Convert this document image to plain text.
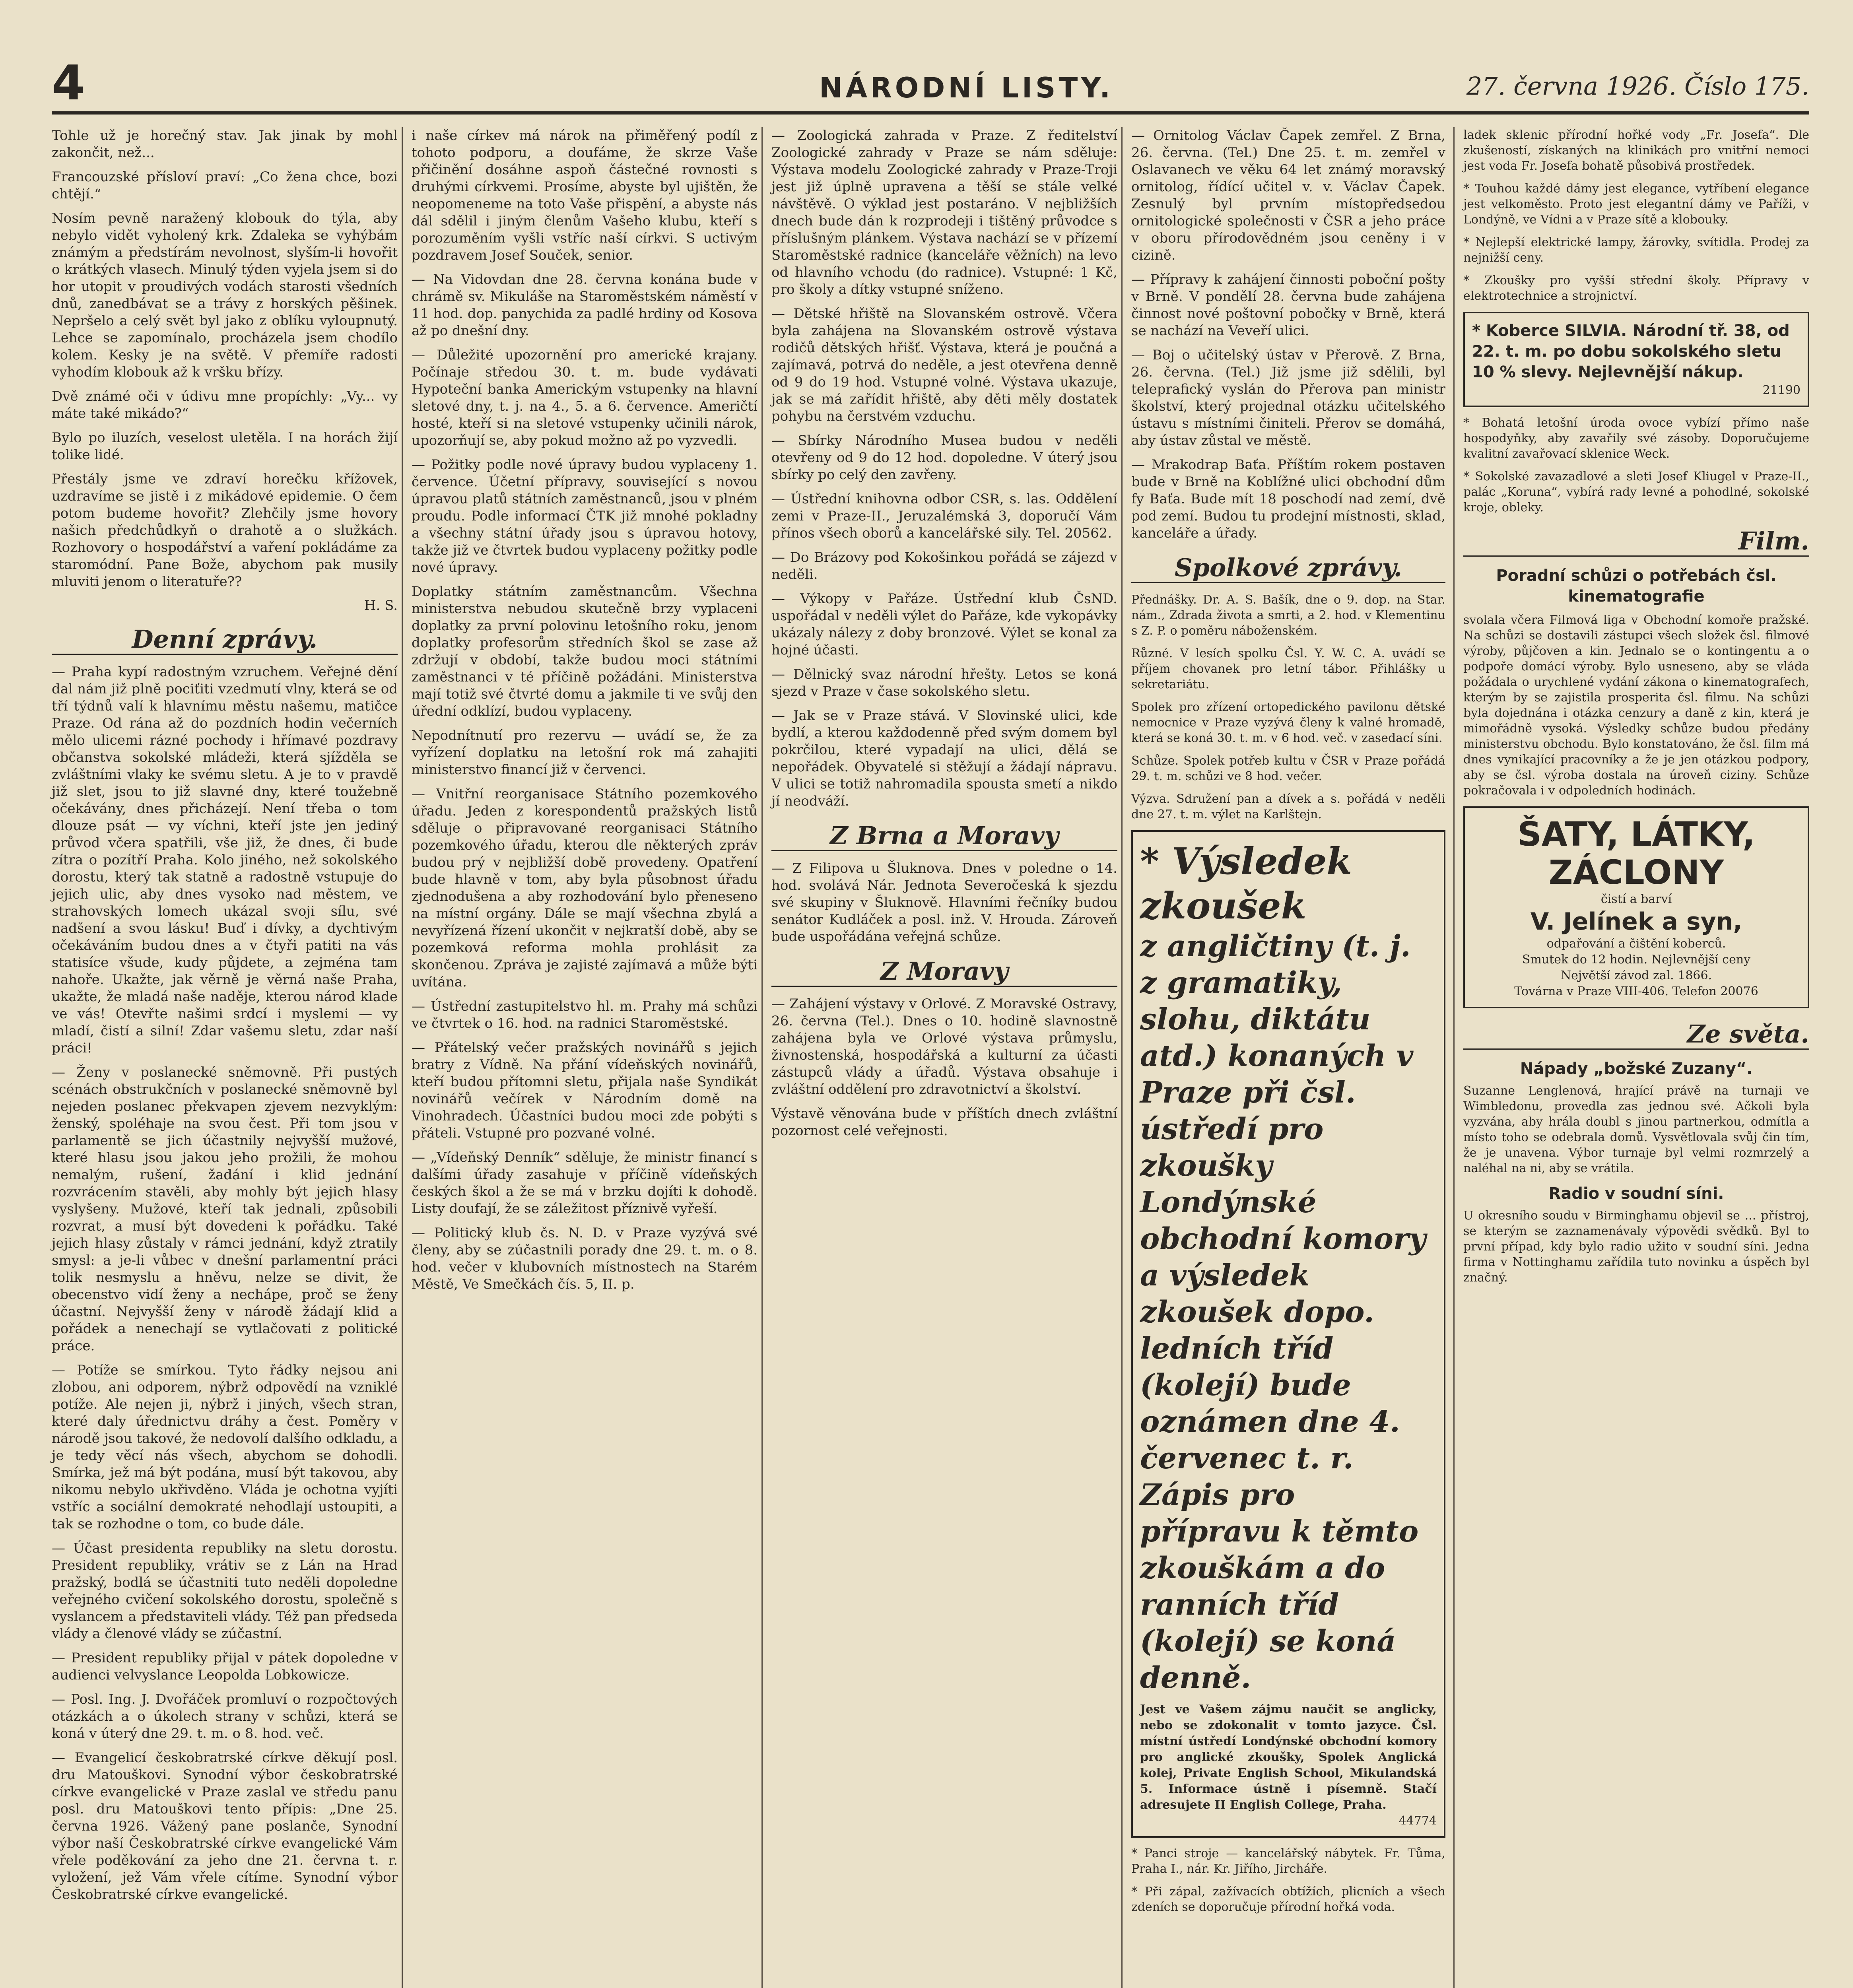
4	NÁRODNÍ LISTY.	27. června 1926. Číslo 175.

Tohle už je horečný stav. Jak jinak by mohl zakončit, než...

Francouzské přísloví praví: „Co žena chce, bozi chtějí.“

Nosím pevně naražený klobouk do týla, aby nebylo vidět vyholený krk. Zdaleka se vyhýbám známým a předstírám nevolnost, slyším-li hovořit o krátkých vlasech. Minulý týden vyjela jsem si do hor utopit v proudivých vodách starosti všedních dnů, zanedbávat se a trávy z horských pěšinek. Nepršelo a celý svět byl jako z oblíku vyloupnutý. Lehce se zapomínalo, procházela jsem chodílo kolem. Kesky je na světě. V přemíře radosti vyhodím klobouk až k vršku břízy.

Dvě známé oči v údivu mne propíchly: „Vy... vy máte také mikádo?“

Bylo po iluzích, veselost uletěla. I na horách žijí tolike lidé.

Přestály jsme ve zdraví horečku křížovek, uzdravíme se jistě i z mikádové epidemie. O čem potom budeme hovořit? Zlehčily jsme hovory našich předchůdkyň o drahotě a o služkách. Rozhovory o hospodářství a vaření pokládáme za staromódní. Pane Bože, abychom pak musily mluviti jenom o literatuře??

H. S.
Denní zprávy.

— Praha kypí radostným vzruchem. Veřejné dění dal nám již plně pociťiti vzedmutí vlny, která se od tří týdnů valí k hlavnímu městu našemu, matičce Praze. Od rána až do pozdních hodin večerních mělo ulicemi rázné pochody i hřímavé pozdravy občanstva sokolské mládeži, která sjížděla se zvláštními vlaky ke svému sletu. A je to v pravdě již slet, jsou to již slavné dny, které toužebně očekávány, dnes přicházejí. Není třeba o tom dlouze psát — vy víchni, kteří jste jen jediný průvod včera spatřili, vše již, že dnes, či bude zítra o pozítří Praha. Kolo jiného, než sokolského dorostu, který tak statně a radostně vstupuje do jejich ulic, aby dnes vysoko nad městem, ve strahovských lomech ukázal svoji sílu, své nadšení a svou lásku! Buď i dívky, a dychtivým očekáváním budou dnes a v čtyři patiti na vás statisíce všude, kudy půjdete, a zejména tam nahoře. Ukažte, jak věrně je věrná naše Praha, ukažte, že mladá naše naděje, kterou národ klade ve vás! Otevřte našimi srdcí i myslemi — vy mladí, čistí a silní! Zdar vašemu sletu, zdar naší práci!

— Ženy v poslanecké sněmovně. Při pustých scénách obstrukčních v poslanecké sněmovně byl nejeden poslanec překvapen zjevem nezvyklým: ženský, spoléhaje na svou čest. Při tom jsou v parlamentě se jich účastnily nejvyšší mužové, které hlasu jsou jakou jeho prožili, že mohou nemalým, rušení, žadání i klid jednání rozvrácením stavěli, aby mohly být jejich hlasy vyslyšeny. Mužové, kteří tak jednali, způsobili rozvrat, a musí být dovedeni k pořádku. Také jejich hlasy zůstaly v rámci jednání, když ztratily smysl: a je-li vůbec v dnešní parlamentní práci tolik nesmyslu a hněvu, nelze se divit, že obecenstvo vidí ženy a nechápe, proč se ženy účastní. Nejvyšší ženy v národě žádají klid a pořádek a nenechají se vytlačovati z politické práce.

— Potíže se smírkou. Tyto řádky nejsou ani zlobou, ani odporem, nýbrž odpovědí na vzniklé potíže. Ale nejen ji, nýbrž i jiných, všech stran, které daly úřednictvu dráhy a čest. Poměry v národě jsou takové, že nedovolí dalšího odkladu, a je tedy věcí nás všech, abychom se dohodli. Smírka, jež má být podána, musí být takovou, aby nikomu nebylo ukřivděno. Vláda je ochotna vyjíti vstříc a sociální demokraté nehodlají ustoupiti, a tak se rozhodne o tom, co bude dále.

— Účast presidenta republiky na sletu dorostu. President republiky, vrátiv se z Lán na Hrad pražský, bodlá se účastniti tuto neděli dopoledne veřejného cvičení sokolského dorostu, společně s vyslancem a představiteli vlády. Též pan předseda vlády a členové vlády se zúčastní.

— President republiky přijal v pátek dopoledne v audienci velvyslance Leopolda Lobkowicze.

— Posl. Ing. J. Dvořáček promluví o rozpočtových otázkách a o úkolech strany v schůzi, která se koná v úterý dne 29. t. m. o 8. hod. več.

— Evangelicí českobratrské církve děkují posl. dru Matouškovi. Synodní výbor českobratrské církve evangelické v Praze zaslal ve středu panu posl. dru Matouškovi tento přípis: „Dne 25. června 1926. Vážený pane poslanče, Synodní výbor naší Českobratrské církve evangelické Vám vřele poděkování za jeho dne 21. června t. r. vyložení, jež Vám vřele cítíme. Synodní výbor Českobratrské církve evangelické.

i naše církev má nárok na přiměřený podíl z tohoto podporu, a doufáme, že skrze Vaše přičinění dosáhne aspoň částečné rovnosti s druhými církvemi. Prosíme, abyste byl ujištěn, že neopomeneme na toto Vaše přispění, a abyste nás dál sdělil i jiným členům Vašeho klubu, kteří s porozuměním vyšli vstříc naší církvi. S uctivým pozdravem Josef Souček, senior.

— Na Vidovdan dne 28. června konána bude v chrámě sv. Mikuláše na Staroměstském náměstí v 11 hod. dop. panychida za padlé hrdiny od Kosova až po dnešní dny.

— Důležité upozornění pro americké krajany. Počínaje středou 30. t. m. bude vydávati Hypoteční banka Americkým vstupenky na hlavní sletové dny, t. j. na 4., 5. a 6. července. Američtí hosté, kteří si na sletové vstupenky učinili nárok, upozorňují se, aby pokud možno až po vyzvedli.

— Požitky podle nové úpravy budou vyplaceny 1. července. Účetní přípravy, související s novou úpravou platů státních zaměstnanců, jsou v plném proudu. Podle informací ČTK již mnohé pokladny a všechny státní úřady jsou s úpravou hotovy, takže již ve čtvrtek budou vyplaceny požitky podle nové úpravy.

Doplatky státním zaměstnancům. Všechna ministerstva nebudou skutečně brzy vyplaceni doplatky za první polovinu letošního roku, jenom doplatky profesorům středních škol se zase až zdržují v období, takže budou moci státními zaměstnanci v té příčině požádáni. Ministerstva mají totiž své čtvrté domu a jakmile ti ve svůj den úřední odklízí, budou vyplaceny.

Nepodnítnutí pro rezervu — uvádí se, že za vyřízení doplatku na letošní rok má zahajiti ministerstvo financí již v červenci.

— Vnitřní reorganisace Státního pozemkového úřadu. Jeden z korespondentů pražských listů sděluje o připravované reorganisaci Státního pozemkového úřadu, kterou dle některých zpráv budou prý v nejbližší době provedeny. Opatření bude hlavně v tom, aby byla působnost úřadu zjednodušena a aby rozhodování bylo přeneseno na místní orgány. Dále se mají všechna zbylá a nevyřízená řízení ukončit v nejkratší době, aby se pozemková reforma mohla prohlásit za skončenou. Zpráva je zajisté zajímavá a může býti uvítána.

— Ústřední zastupitelstvo hl. m. Prahy má schůzi ve čtvrtek o 16. hod. na radnici Staroměstské.

— Přátelský večer pražských novinářů s jejich bratry z Vídně. Na přání vídeňských novinářů, kteří budou přítomni sletu, přijala naše Syndikát novinářů večírek v Národním domě na Vinohradech. Účastníci budou moci zde pobýti s přáteli. Vstupné pro pozvané volné.

— „Vídeňský Denník“ sděluje, že ministr financí s dalšími úřady zasahuje v příčině vídeňských českých škol a že se má v brzku dojíti k dohodě. Listy doufají, že se záležitost příznivě vyřeší.

— Politický klub čs. N. D. v Praze vyzývá své členy, aby se zúčastnili porady dne 29. t. m. o 8. hod. večer v klubovních místnostech na Starém Městě, Ve Smečkách čís. 5, II. p.

— Zoologická zahrada v Praze. Z ředitelství Zoologické zahrady v Praze se nám sděluje: Výstava modelu Zoologické zahrady v Praze-Troji jest již úplně upravena a těší se stále velké návštěvě. O výklad jest postaráno. V nejbližších dnech bude dán k rozprodeji i tištěný průvodce s příslušným plánkem. Výstava nachází se v přízemí Staroměstské radnice (kanceláře věžních) na levo od hlavního vchodu (do radnice). Vstupné: 1 Kč, pro školy a dítky vstupné sníženo.

— Dětské hřiště na Slovanském ostrově. Včera byla zahájena na Slovanském ostrově výstava rodičů dětských hřišť. Výstava, která je poučná a zajímavá, potrvá do neděle, a jest otevřena denně od 9 do 19 hod. Vstupné volné. Výstava ukazuje, jak se má zařídit hřiště, aby děti měly dostatek pohybu na čerstvém vzduchu.

— Sbírky Národního Musea budou v neděli otevřeny od 9 do 12 hod. dopoledne. V úterý jsou sbírky po celý den zavřeny.

— Ústřední knihovna odbor CSR, s. las. Oddělení zemi v Praze-II., Jeruzalémská 3, doporučí Vám přínos všech oborů a kancelářské sily. Tel. 20562.

— Do Brázovy pod Kokošinkou pořádá se zájezd v neděli.

— Výkopy v Pařáze. Ústřední klub ČsND. uspořádal v neděli výlet do Pařáze, kde vykopávky ukázaly nálezy z doby bronzové. Výlet se konal za hojné účasti.

— Dělnický svaz národní hřešty. Letos se koná sjezd v Praze v čase sokolského sletu.

— Jak se v Praze stává. V Slovinské ulici, kde bydlí, a kterou každodenně před svým domem byl pokrčilou, které vypadají na ulici, dělá se nepořádek. Obyvatelé si stěžují a žádají nápravu. V ulici se totiž nahromadila spousta smetí a nikdo jí neodváží.

Z Brna a Moravy

— Z Filipova u Šluknova. Dnes v poledne o 14. hod. svolává Nár. Jednota Severočeská k sjezdu své skupiny v Šluknově. Hlavními řečníky budou senátor Kudláček a posl. inž. V. Hrouda. Zároveň bude uspořádána veřejná schůze.

Z Moravy

— Zahájení výstavy v Orlové. Z Moravské Ostravy, 26. června (Tel.). Dnes o 10. hodině slavnostně zahájena byla ve Orlové výstava průmyslu, živnostenská, hospodářská a kulturní za účasti zástupců vlády a úřadů. Výstava obsahuje i zvláštní oddělení pro zdravotnictví a školství.

Výstavě věnována bude v příštích dnech zvláštní pozornost celé veřejnosti.

— Ornitolog Václav Čapek zemřel. Z Brna, 26. června. (Tel.) Dne 25. t. m. zemřel v Oslavanech ve věku 64 let známý moravský ornitolog, řídící učitel v. v. Václav Čapek. Zesnulý byl prvním místopředsedou ornitologické společnosti v ČSR a jeho práce v oboru přírodovědném jsou ceněny i v cizině.

— Přípravy k zahájení činnosti poboční pošty v Brně. V pondělí 28. června bude zahájena činnost nové poštovní pobočky v Brně, která se nachází na Veveří ulici.

— Boj o učitelský ústav v Přerově. Z Brna, 26. června. (Tel.) Již jsme již sdělili, byl teleprafický vyslán do Přerova pan ministr školství, který projednal otázku učitelského ústavu s místními činiteli. Přerov se domáhá, aby ústav zůstal ve městě.

— Mrakodrap Baťa. Příštím rokem postaven bude v Brně na Koblížné ulici obchodní dům fy Baťa. Bude mít 18 poschodí nad zemí, dvě pod zemí. Budou tu prodejní místnosti, sklad, kanceláře a úřady.

Spolkové zprávy.

Přednášky. Dr. A. S. Bašík, dne o 9. dop. na Star. nám., Zdrada života a smrti, a 2. hod. v Klementinu s Z. P. o poměru náboženském.

Různé. V lesích spolku Čsl. Y. W. C. A. uvádí se příjem chovanek pro letní tábor. Přihlášky u sekretariátu.

Spolek pro zřízení ortopedického pavilonu dětské nemocnice v Praze vyzývá členy k valné hromadě, která se koná 30. t. m. v 6 hod. več. v zasedací síni.

Schůze. Spolek potřeb kultu v ČSR v Praze pořádá 29. t. m. schůzi ve 8 hod. večer.

Výzva. Sdružení pan a dívek a s. pořádá v neděli dne 27. t. m. výlet na Karlštejn.

* Výsledek zkoušek
z angličtiny (t. j. z gramatiky, slohu, diktátu atd.) konaných v Praze při čsl. ústředí pro zkoušky Londýnské obchodní komory a výsledek zkoušek dopo. ledních tříd (kolejí) bude oznámen dne 4. červenec t. r.
Zápis pro přípravu k těmto zkouškám a do ranních tříd (kolejí) se koná denně.
Jest ve Vašem zájmu naučit se anglicky, nebo se zdokonalit v tomto jazyce. Čsl. místní ústředí Londýnské obchodní komory pro anglické zkoušky, Spolek Anglická kolej, Private English School, Mikulandská 5. Informace ústně i písemně. Stačí adresujete II English College, Praha.
44774

* Panci stroje — kancelářský nábytek. Fr. Tůma, Praha I., nár. Kr. Jiřího, Jircháře.

* Při zápal, zažívacích obtížích, plicních a všech zdeních se doporučuje přírodní hořká voda.

ladek sklenic přírodní hořké vody „Fr. Josefa“. Dle zkušeností, získaných na klinikách pro vnitřní nemoci jest voda Fr. Josefa bohatě působivá prostředek.

* Touhou každé dámy jest elegance, vytříbení elegance jest velkoměsto. Proto jest elegantní dámy ve Paříži, v Londýně, ve Vídni a v Praze sítě a klobouky.

* Nejlepší elektrické lampy, žárovky, svítidla. Prodej za nejnižší ceny.

* Zkoušky pro vyšší střední školy. Přípravy v elektrotechnice a strojnictví.

* Koberce SILVIA. Národní tř. 38, od 22. t. m. po dobu sokolského sletu 10 % slevy. Nejlevnější nákup.
21190

* Bohatá letošní úroda ovoce vybízí přímo naše hospodyňky, aby zavařily své zásoby. Doporučujeme kvalitní zavařovací sklenice Weck.

* Sokolské zavazadlové a sleti Josef Kliugel v Praze-II., palác „Koruna“, vybírá rady levné a pohodlné, sokolské kroje, obleky.

Film.
Poradní schůzi o potřebách čsl. kinematografie

svolala včera Filmová liga v Obchodní komoře pražské. Na schůzi se dostavili zástupci všech složek čsl. filmové výroby, půjčoven a kin. Jednalo se o kontingentu a o podpoře domácí výroby. Bylo usneseno, aby se vláda požádala o urychlené vydání zákona o kinematografech, kterým by se zajistila prosperita čsl. filmu. Na schůzi byla dojednána i otázka cenzury a daně z kin, která je mimořádně vysoká. Výsledky schůze budou předány ministerstvu obchodu. Bylo konstatováno, že čsl. film má dnes vynikající pracovníky a že je jen otázkou podpory, aby se čsl. výroba dostala na úroveň ciziny. Schůze pokračovala i v odpoledních hodinách.

ŠATY, LÁTKY, ZÁCLONY
čistí a barví
V. Jelínek a syn,
odpařování a čištění koberců.
Smutek do 12 hodin. Nejlevnější ceny
Největší závod zal. 1866.
Továrna v Praze VIII-406. Telefon 20076
Ze světa.
Nápady „božské Zuzany“.

Suzanne Lenglenová, hrající právě na turnaji ve Wimbledonu, provedla zas jednou své. Ačkoli byla vyzvána, aby hrála doubl s jinou partnerkou, odmítla a místo toho se odebrala domů. Vysvětlovala svůj čin tím, že je unavena. Výbor turnaje byl velmi rozmrzelý a naléhal na ni, aby se vrátila.

Radio v soudní síni.

U okresního soudu v Birminghamu objevil se ... přístroj, se kterým se zaznamenávaly výpovědi svědků. Byl to první případ, kdy bylo radio užito v soudní síni. Jedna firma v Nottinghamu zařídila tuto novinku a úspěch byl značný.
